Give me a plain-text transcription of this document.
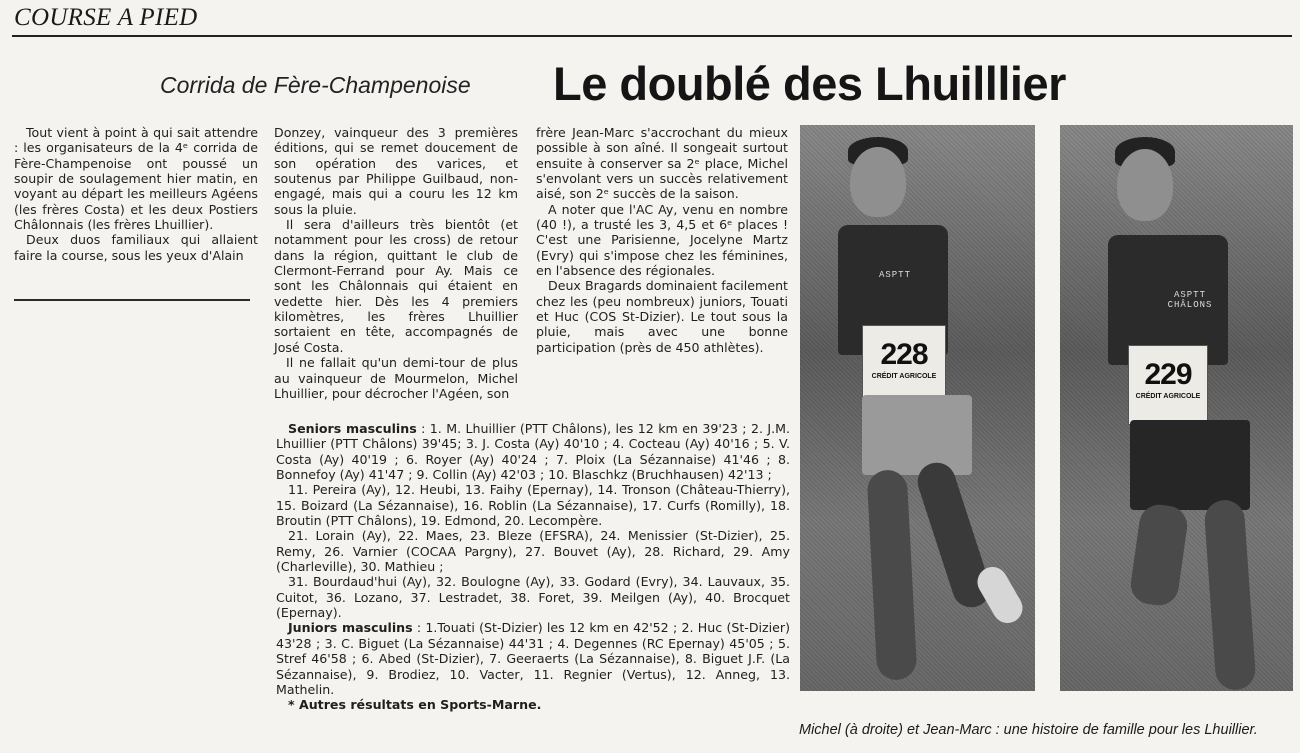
COURSE A PIED
Corrida de Fère-Champenoise Le doublé des Lhuilllier

Tout vient à point à qui sait attendre : les organisateurs de la 4ᵉ corrida de Fère-Champenoise ont poussé un soupir de soulagement hier matin, en voyant au départ les meilleurs Agéens (les frères Costa) et les deux Postiers Châlonnais (les frères Lhuillier).

Deux duos familiaux qui allaient faire la course, sous les yeux d'Alain

Donzey, vainqueur des 3 premières éditions, qui se remet doucement de son opération des varices, et soutenus par Philippe Guilbaud, non-engagé, mais qui a couru les 12 km sous la pluie.

Il sera d'ailleurs très bientôt (et notamment pour les cross) de retour dans la région, quittant le club de Clermont-Ferrand pour Ay. Mais ce sont les Châlonnais qui étaient en vedette hier. Dès les 4 premiers kilomètres, les frères Lhuillier sortaient en tête, accompagnés de José Costa.

Il ne fallait qu'un demi-tour de plus au vainqueur de Mourmelon, Michel Lhuillier, pour décrocher l'Agéen, son

frère Jean-Marc s'accrochant du mieux possible à son aîné. Il songeait surtout ensuite à conserver sa 2ᵉ place, Michel s'envolant vers un succès relativement aisé, son 2ᵉ succès de la saison.

A noter que l'AC Ay, venu en nombre (40 !), a trusté les 3, 4,5 et 6ᵉ places ! C'est une Parisienne, Jocelyne Martz (Evry) qui s'impose chez les féminines, en l'absence des régionales.

Deux Bragards dominaient facilement chez les (peu nombreux) juniors, Touati et Huc (COS St-Dizier). Le tout sous la pluie, mais avec une bonne participation (près de 450 athlètes).

Seniors masculins : 1. M. Lhuillier (PTT Châlons), les 12 km en 39'23 ; 2. J.M. Lhuillier (PTT Châlons) 39'45; 3. J. Costa (Ay) 40'10 ; 4. Cocteau (Ay) 40'16 ; 5. V. Costa (Ay) 40'19 ; 6. Royer (Ay) 40'24 ; 7. Ploix (La Sézannaise) 41'46 ; 8. Bonnefoy (Ay) 41'47 ; 9. Collin (Ay) 42'03 ; 10. Blaschkz (Bruchhausen) 42'13 ;

11. Pereira (Ay), 12. Heubi, 13. Faihy (Epernay), 14. Tronson (Château-Thierry), 15. Boizard (La Sézannaise), 16. Roblin (La Sézannaise), 17. Curfs (Romilly), 18. Broutin (PTT Châlons), 19. Edmond, 20. Lecompère.

21. Lorain (Ay), 22. Maes, 23. Bleze (EFSRA), 24. Menissier (St-Dizier), 25. Remy, 26. Varnier (COCAA Pargny), 27. Bouvet (Ay), 28. Richard, 29. Amy (Charleville), 30. Mathieu ;

31. Bourdaud'hui (Ay), 32. Boulogne (Ay), 33. Godard (Evry), 34. Lauvaux, 35. Cuitot, 36. Lozano, 37. Lestradet, 38. Foret, 39. Meilgen (Ay), 40. Brocquet (Epernay).

Juniors masculins : 1.Touati (St-Dizier) les 12 km en 42'52 ; 2. Huc (St-Dizier) 43'28 ; 3. C. Biguet (La Sézannaise) 44'31 ; 4. Degennes (RC Epernay) 45'05 ; 5. Stref 46'58 ; 6. Abed (St-Dizier), 7. Geeraerts (La Sézannaise), 8. Biguet J.F. (La Sézannaise), 9. Brodiez, 10. Vacter, 11. Regnier (Vertus), 12. Anneg, 13. Mathelin.

* Autres résultats en Sports-Marne.

ASPTT
228
CRÉDIT AGRICOLE
ASPTT CHÂLONS
229
CRÉDIT AGRICOLE
Michel (à droite) et Jean-Marc : une histoire de famille pour les Lhuillier.
